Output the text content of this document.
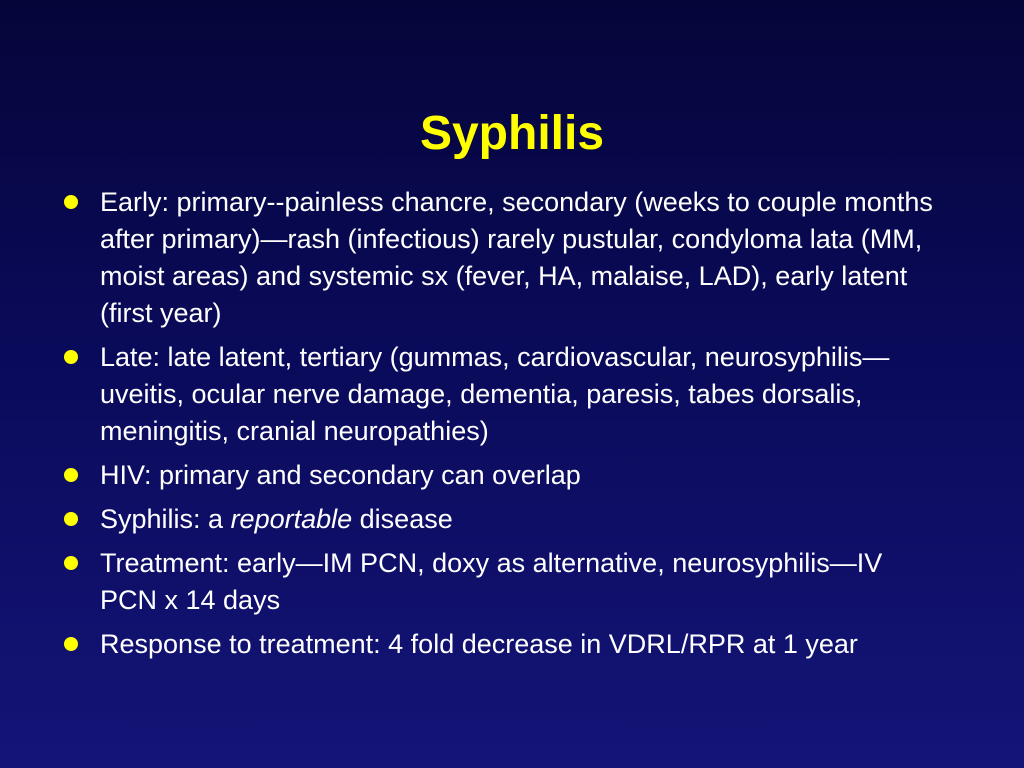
Syphilis
Early: primary--painless chancre, secondary (weeks to couple months after primary)—rash (infectious) rarely pustular, condyloma lata (MM, moist areas) and systemic sx (fever, HA, malaise, LAD), early latent (first year)
Late: late latent, tertiary (gummas, cardiovascular, neurosyphilis—uveitis, ocular nerve damage, dementia, paresis, tabes dorsalis, meningitis, cranial neuropathies)
HIV: primary and secondary can overlap
Syphilis: a reportable disease
Treatment: early—IM PCN, doxy as alternative, neurosyphilis—IV PCN x 14 days
Response to treatment: 4 fold decrease in VDRL/RPR at 1 year
